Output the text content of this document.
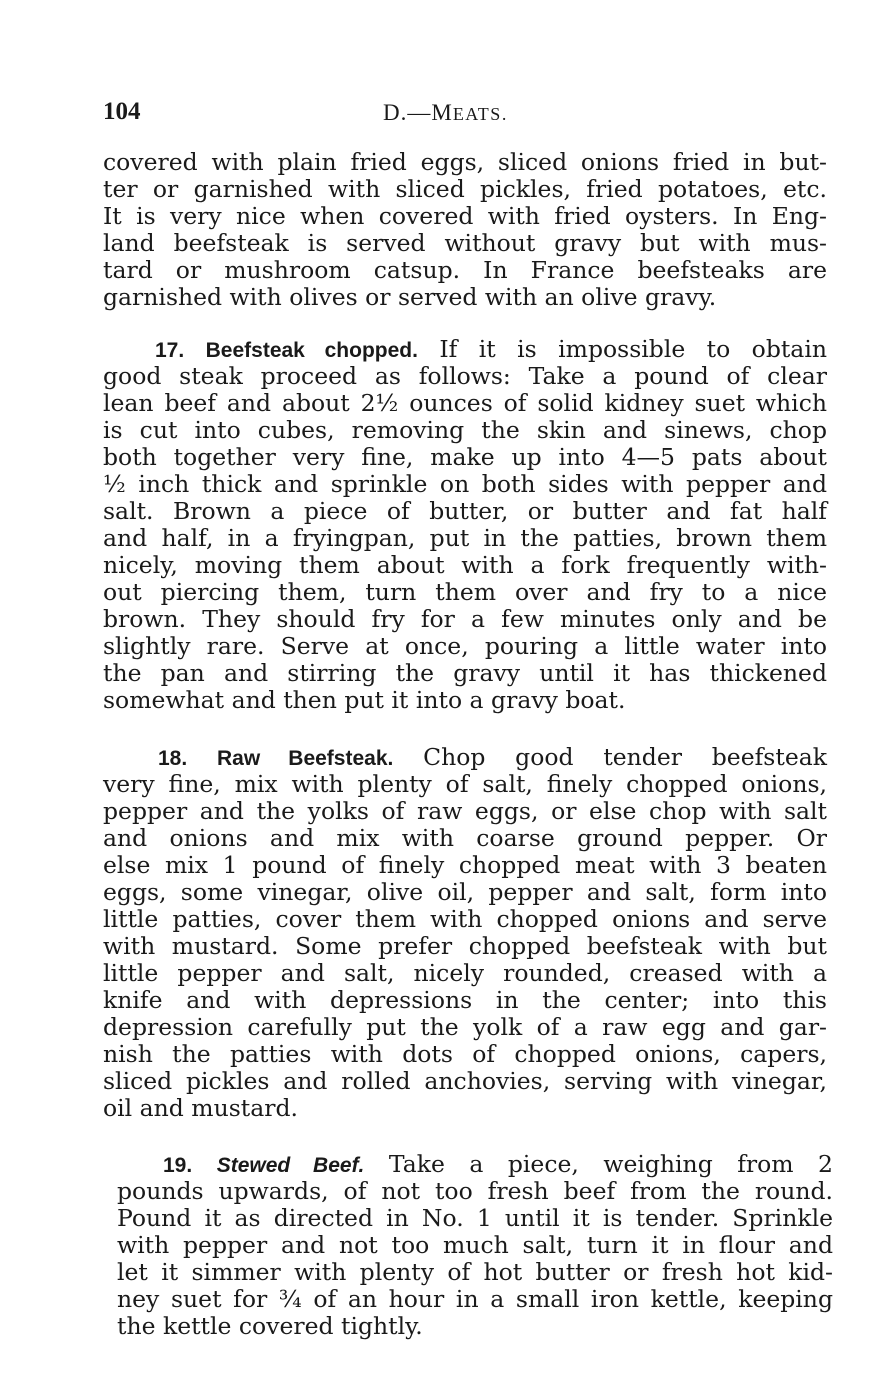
104	D.—MEATS.
covered with plain fried eggs, sliced onions fried in but-
ter or garnished with sliced pickles, fried potatoes, etc.
It is very nice when covered with fried oysters. In Eng-
land beefsteak is served without gravy but with mus-
tard or mushroom catsup. In France beefsteaks are
garnished with olives or served with an olive gravy.
17. Beefsteak chopped. If it is impossible to obtain
good steak proceed as follows: Take a pound of clear
lean beef and about 2½ ounces of solid kidney suet which
is cut into cubes, removing the skin and sinews, chop
both together very fine, make up into 4—5 pats about
½ inch thick and sprinkle on both sides with pepper and
salt. Brown a piece of butter, or butter and fat half
and half, in a fryingpan, put in the patties, brown them
nicely, moving them about with a fork frequently with-
out piercing them, turn them over and fry to a nice
brown. They should fry for a few minutes only and be
slightly rare. Serve at once, pouring a little water into
the pan and stirring the gravy until it has thickened
somewhat and then put it into a gravy boat.
18. Raw Beefsteak. Chop good tender beefsteak
very fine, mix with plenty of salt, finely chopped onions,
pepper and the yolks of raw eggs, or else chop with salt
and onions and mix with coarse ground pepper. Or
else mix 1 pound of finely chopped meat with 3 beaten
eggs, some vinegar, olive oil, pepper and salt, form into
little patties, cover them with chopped onions and serve
with mustard. Some prefer chopped beefsteak with but
little pepper and salt, nicely rounded, creased with a
knife and with depressions in the center; into this
depression carefully put the yolk of a raw egg and gar-
nish the patties with dots of chopped onions, capers,
sliced pickles and rolled anchovies, serving with vinegar,
oil and mustard.
19. Stewed Beef. Take a piece, weighing from 2
pounds upwards, of not too fresh beef from the round.
Pound it as directed in No. 1 until it is tender. Sprinkle
with pepper and not too much salt, turn it in flour and
let it simmer with plenty of hot butter or fresh hot kid-
ney suet for ¾ of an hour in a small iron kettle, keeping
the kettle covered tightly.
